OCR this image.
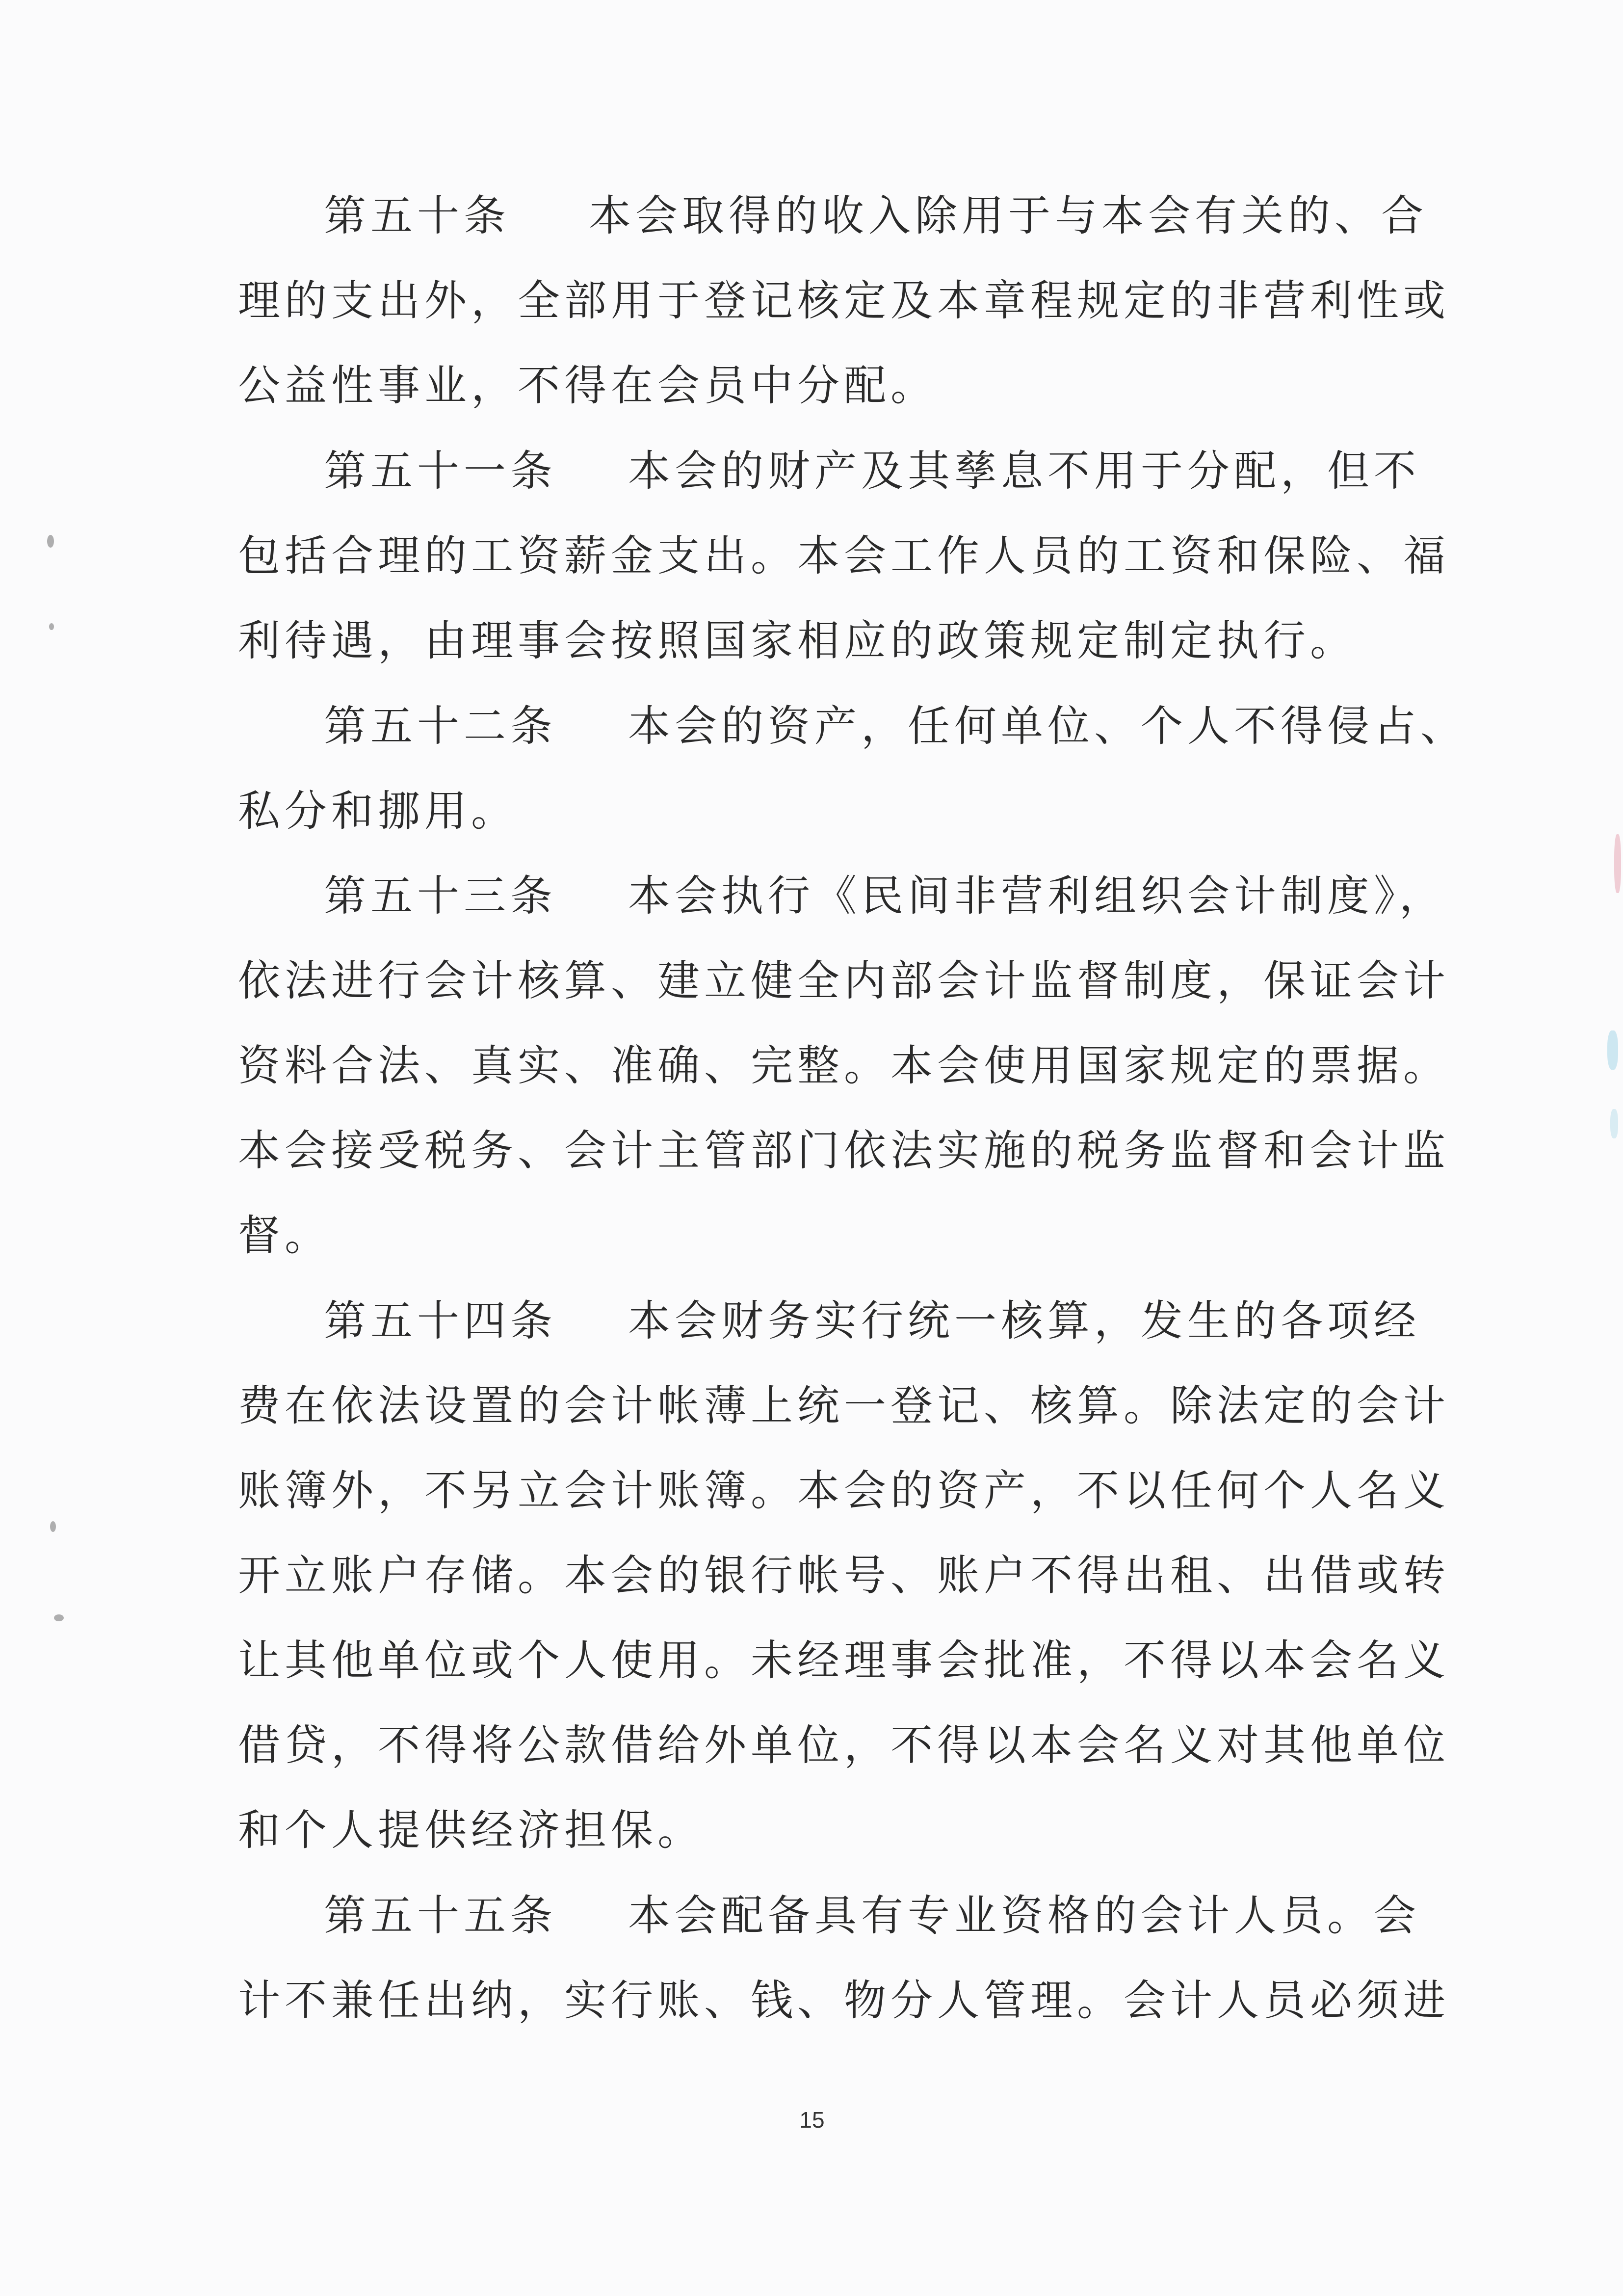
第五十条 本会取得的收入除用于与本会有关的、合
理的支出外，全部用于登记核定及本章程规定的非营利性或
公益性事业，不得在会员中分配。
第五十一条 本会的财产及其孳息不用于分配，但不
包括合理的工资薪金支出。本会工作人员的工资和保险、福
利待遇，由理事会按照国家相应的政策规定制定执行。
第五十二条 本会的资产，任何单位、个人不得侵占、
私分和挪用。
第五十三条 本会执行《民间非营利组织会计制度》，
依法进行会计核算、建立健全内部会计监督制度，保证会计
资料合法、真实、准确、完整。本会使用国家规定的票据。
本会接受税务、会计主管部门依法实施的税务监督和会计监
督。
第五十四条 本会财务实行统一核算，发生的各项经
费在依法设置的会计帐薄上统一登记、核算。除法定的会计
账簿外，不另立会计账簿。本会的资产，不以任何个人名义
开立账户存储。本会的银行帐号、账户不得出租、出借或转
让其他单位或个人使用。未经理事会批准，不得以本会名义
借贷，不得将公款借给外单位，不得以本会名义对其他单位
和个人提供经济担保。
第五十五条 本会配备具有专业资格的会计人员。会
计不兼任出纳，实行账、钱、物分人管理。会计人员必须进
15
